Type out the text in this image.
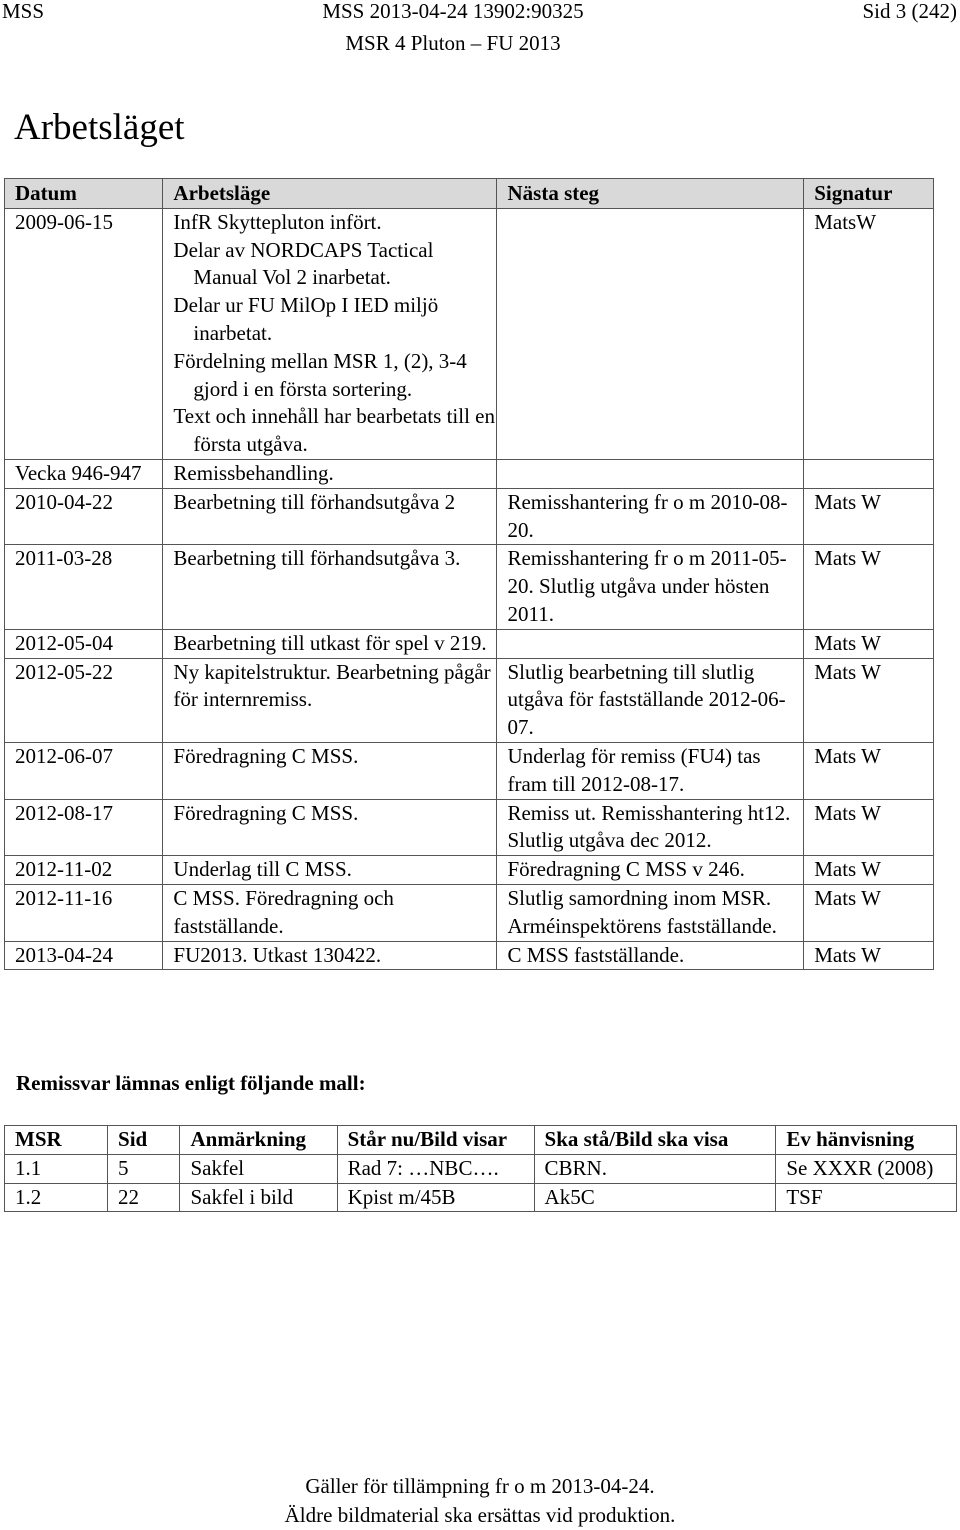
MSS	MSS 2013-04-24 13902:90325
MSR 4 Pluton – FU 2013
Sid 3 (242)
Arbetsläget
Datum	Arbetsläge	Nästa steg	Signatur
2009-06-15	InfR Skyttepluton infört.
Delar av NORDCAPS Tactical Manual Vol 2 inarbetat.
Delar ur FU MilOp I IED miljö inarbetat.
Fördelning mellan MSR 1, (2), 3-4 gjord i en första sortering.
Text och innehåll har bearbetats till en första utgåva.		MatsW
Vecka 946-947	Remissbehandling.		

2010-04-22	Bearbetning till förhandsutgåva 2	Remisshantering fr o m 2010-08-20.	Mats W
2011-03-28	Bearbetning till förhandsutgåva 3.	Remisshantering fr o m 2011-05-20. Slutlig utgåva under hösten 2011.	Mats W
2012-05-04	Bearbetning till utkast för spel v 219.		Mats W
2012-05-22	Ny kapitelstruktur. Bearbetning pågår för internremiss.	Slutlig bearbetning till slutlig utgåva för fastställande 2012-06-07.	Mats W
2012-06-07	Föredragning C MSS.	Underlag för remiss (FU4) tas fram till 2012-08-17.	Mats W
2012-08-17	Föredragning C MSS.	Remiss ut. Remisshantering ht12. Slutlig utgåva dec 2012.	Mats W
2012-11-02	Underlag till C MSS.	Föredragning C MSS v 246.	Mats W
2012-11-16	C MSS. Föredragning och fastställande.	Slutlig samordning inom MSR. Arméinspektörens fastställande.	Mats W
2013-04-24	FU2013. Utkast 130422.	C MSS fastställande.	Mats W

Remissvar lämnas enligt följande mall:

MSR	Sid	Anmärkning	Står nu/Bild visar	Ska stå/Bild ska visa	Ev hänvisning
1.1	5	Sakfel	Rad 7: …NBC….	CBRN.	Se XXXR (2008)
1.2	22	Sakfel i bild	Kpist m/45B	Ak5C	TSF
Gäller för tillämpning fr o m 2013-04-24.
Äldre bildmaterial ska ersättas vid produktion.
